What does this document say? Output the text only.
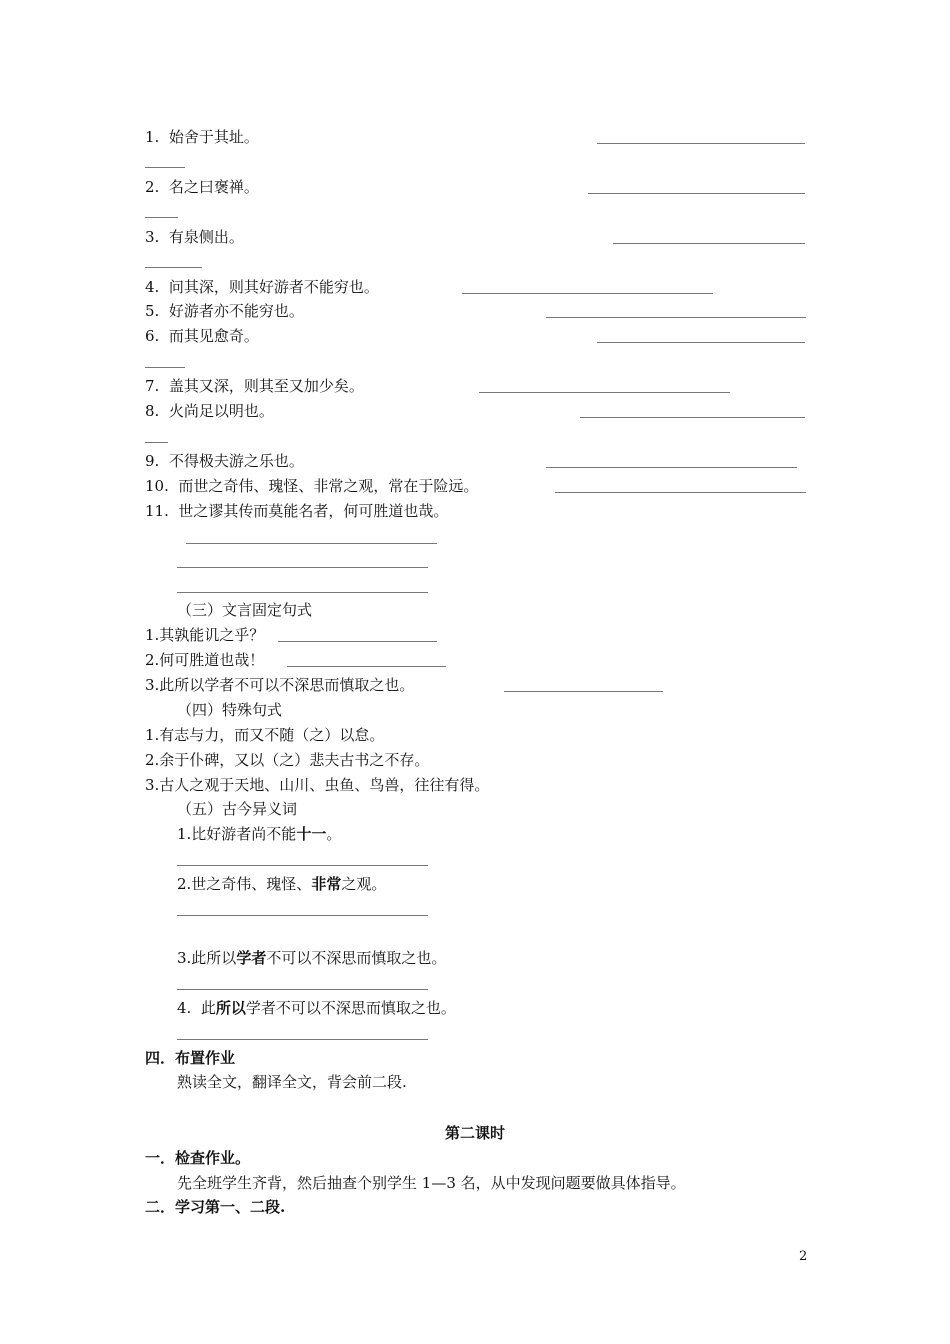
1. 始舍于其址。
2. 名之曰褒禅。
3. 有泉侧出。
4. 问其深，则其好游者不能穷也。
5. 好游者亦不能穷也。
6. 而其见愈奇。
7. 盖其又深，则其至又加少矣。
8. 火尚足以明也。
9. 不得极夫游之乐也。
10. 而世之奇伟、瑰怪、非常之观，常在于险远。
11. 世之谬其传而莫能名者，何可胜道也哉。
（三）文言固定句式
1.其孰能讥之乎？
2.何可胜道也哉！
3.此所以学者不可以不深思而慎取之也。
（四）特殊句式
1.有志与力，而又不随（之）以怠。
2.余于仆碑，又以（之）悲夫古书之不存。
3.古人之观于天地、山川、虫鱼、鸟兽，往往有得。
（五）古今异义词
1.比好游者尚不能十一。
2.世之奇伟、瑰怪、非常之观。
3.此所以学者不可以不深思而慎取之也。
4.  此所以学者不可以不深思而慎取之也。
四．布置作业
熟读全文，翻译全文，背会前二段.
第二课时
一．检查作业。
先全班学生齐背，然后抽查个别学生 1—3 名，从中发现问题要做具体指导。
二．学习第一、二段.
2
